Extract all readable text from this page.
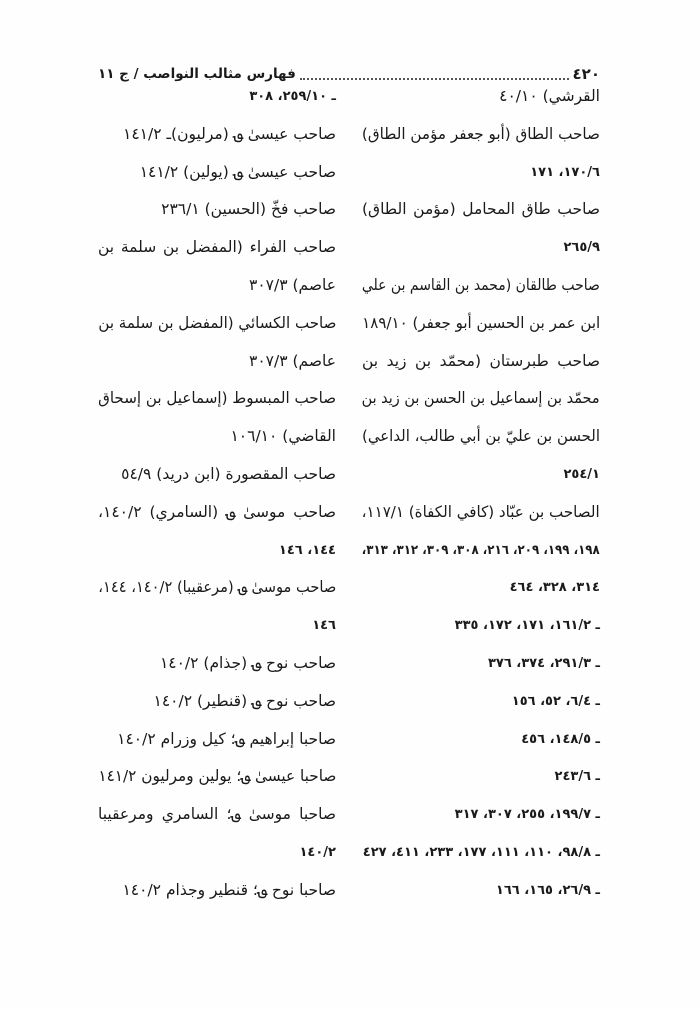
٤٢٠
فهارس مثالب النواصب / ج ١١
القرشي) ٤٠/١٠
صاحب الطاق (أبو جعفر مؤمن الطاق)
١٧٠/٦، ١٧١
صاحب طاق المحامل (مؤمن الطاق)
٢٦٥/٩
صاحب طالقان (محمد بن القاسم بن علي
ابن عمر بن الحسين أبو جعفر) ١٨٩/١٠
صاحب طبرستان (محمّد بن زيد بن
محمّد بن إسماعيل بن الحسن بن زيد بن
الحسن بن عليّ بن أبي طالب، الداعي)
٢٥٤/١
الصاحب بن عبّاد (كافي الكفاة) ١١٧/١،
١٩٨، ١٩٩، ٢٠٩، ٢١٦، ٣٠٨، ٣٠٩، ٣١٢، ٣١٣،
٣١٤، ٣٢٨، ٤٦٤
ـ ١٦١/٢، ١٧١، ١٧٢، ٣٣٥
ـ ٢٩١/٣، ٣٧٤، ٣٧٦
ـ ٦/٤، ٥٢، ١٥٦
ـ ١٤٨/٥، ٤٥٦
ـ ٢٤٣/٦
ـ ١٩٩/٧، ٢٥٥، ٣٠٧، ٣١٧
ـ ٩٨/٨، ١١٠، ١١١، ١٧٧، ٢٣٣، ٤١١، ٤٢٧
ـ ٢٦/٩، ١٦٥، ١٦٦
ـ ٢٥٩/١٠، ٣٠٨
صاحب عيسىٰ ؈ (مرليون)ـ ١٤١/٢
صاحب عيسىٰ ؈ (يولين) ١٤١/٢
صاحب فخّ (الحسين) ٢٣٦/١
صاحب الفراء (المفضل بن سلمة بن
عاصم) ٣٠٧/٣
صاحب الكسائي (المفضل بن سلمة بن
عاصم) ٣٠٧/٣
صاحب المبسوط (إسماعيل بن إسحاق
القاضي) ١٠٦/١٠
صاحب المقصورة (ابن دريد) ٥٤/٩
صاحب موسىٰ ؈ (السامري) ١٤٠/٢،
١٤٤، ١٤٦
صاحب موسىٰ ؈ (مرعقيبا) ١٤٠/٢، ١٤٤،
١٤٦
صاحب نوح ؈ (جذام) ١٤٠/٢
صاحب نوح ؈ (قنطير) ١٤٠/٢
صاحبا إبراهيم ؈؛ كيل وزرام ١٤٠/٢
صاحبا عيسىٰ ؈؛ يولين ومرليون ١٤١/٢
صاحبا موسىٰ ؈؛ السامري ومرعقيبا
١٤٠/٢
صاحبا نوح ؈؛ قنطير وجذام ١٤٠/٢
